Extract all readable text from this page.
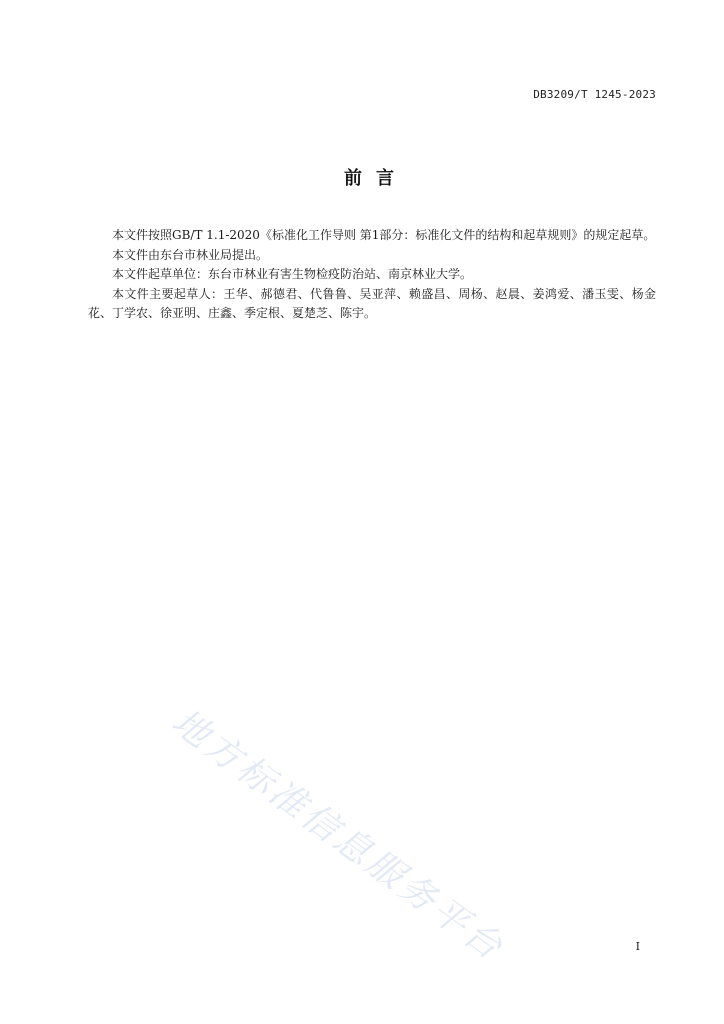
DB3209/T 1245-2023
前言

本文件按照GB/T 1.1-2020《标准化工作导则 第1部分：标准化文件的结构和起草规则》的规定起草。

本文件由东台市林业局提出。

本文件起草单位：东台市林业有害生物检疫防治站、南京林业大学。

本文件主要起草人：王华、郝德君、代鲁鲁、吴亚萍、赖盛昌、周杨、赵晨、姜鸿爱、潘玉雯、杨金花、丁学农、徐亚明、庄鑫、季定根、夏楚芝、陈宇。

地方标准信息服务平台	I
